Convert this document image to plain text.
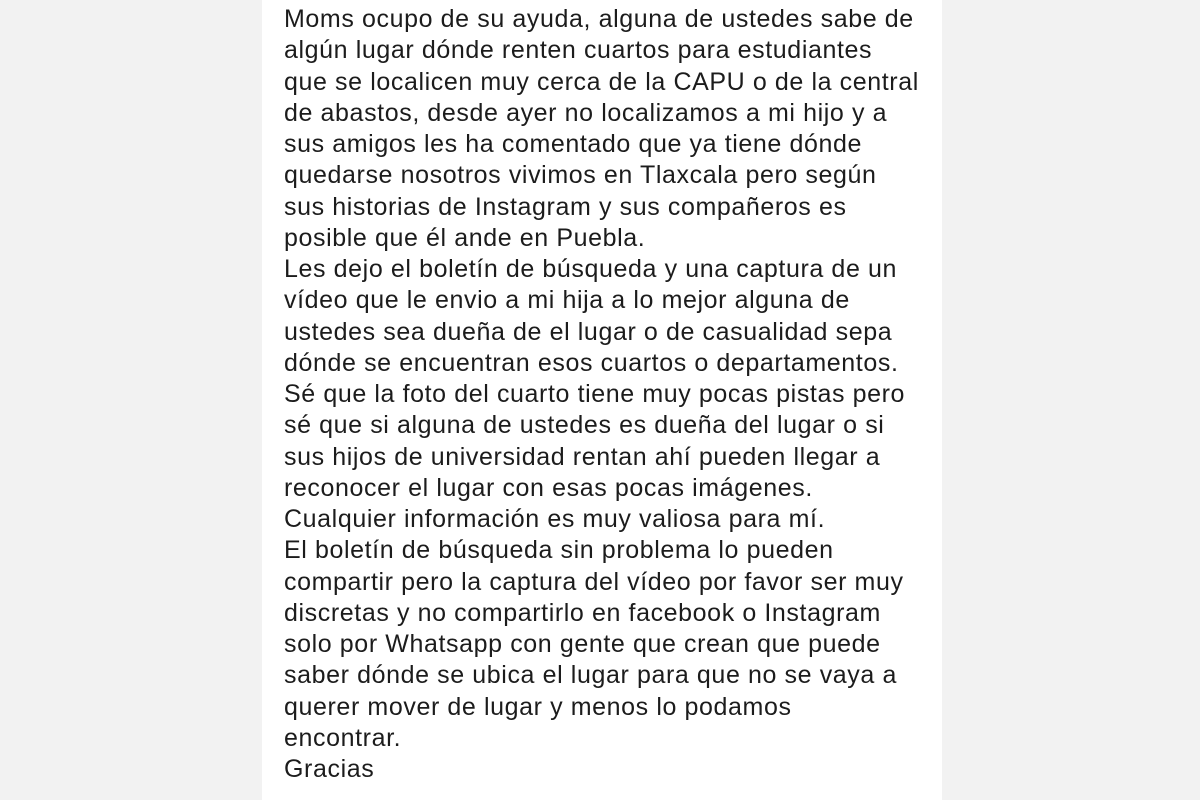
Moms ocupo de su ayuda, alguna de ustedes sabe de
algún lugar dónde renten cuartos para estudiantes
que se localicen muy cerca de la CAPU o de la central
de abastos, desde ayer no localizamos a mi hijo y a
sus amigos les ha comentado que ya tiene dónde
quedarse nosotros vivimos en Tlaxcala pero según
sus historias de Instagram y sus compañeros es
posible que él ande en Puebla.
Les dejo el boletín de búsqueda y una captura de un
vídeo que le envio a mi hija a lo mejor alguna de
ustedes sea dueña de el lugar o de casualidad sepa
dónde se encuentran esos cuartos o departamentos.
Sé que la foto del cuarto tiene muy pocas pistas pero
sé que si alguna de ustedes es dueña del lugar o si
sus hijos de universidad rentan ahí pueden llegar a
reconocer el lugar con esas pocas imágenes.
Cualquier información es muy valiosa para mí.
El boletín de búsqueda sin problema lo pueden
compartir pero la captura del vídeo por favor ser muy
discretas y no compartirlo en facebook o Instagram
solo por Whatsapp con gente que crean que puede
saber dónde se ubica el lugar para que no se vaya a
querer mover de lugar y menos lo podamos
encontrar.
Gracias
